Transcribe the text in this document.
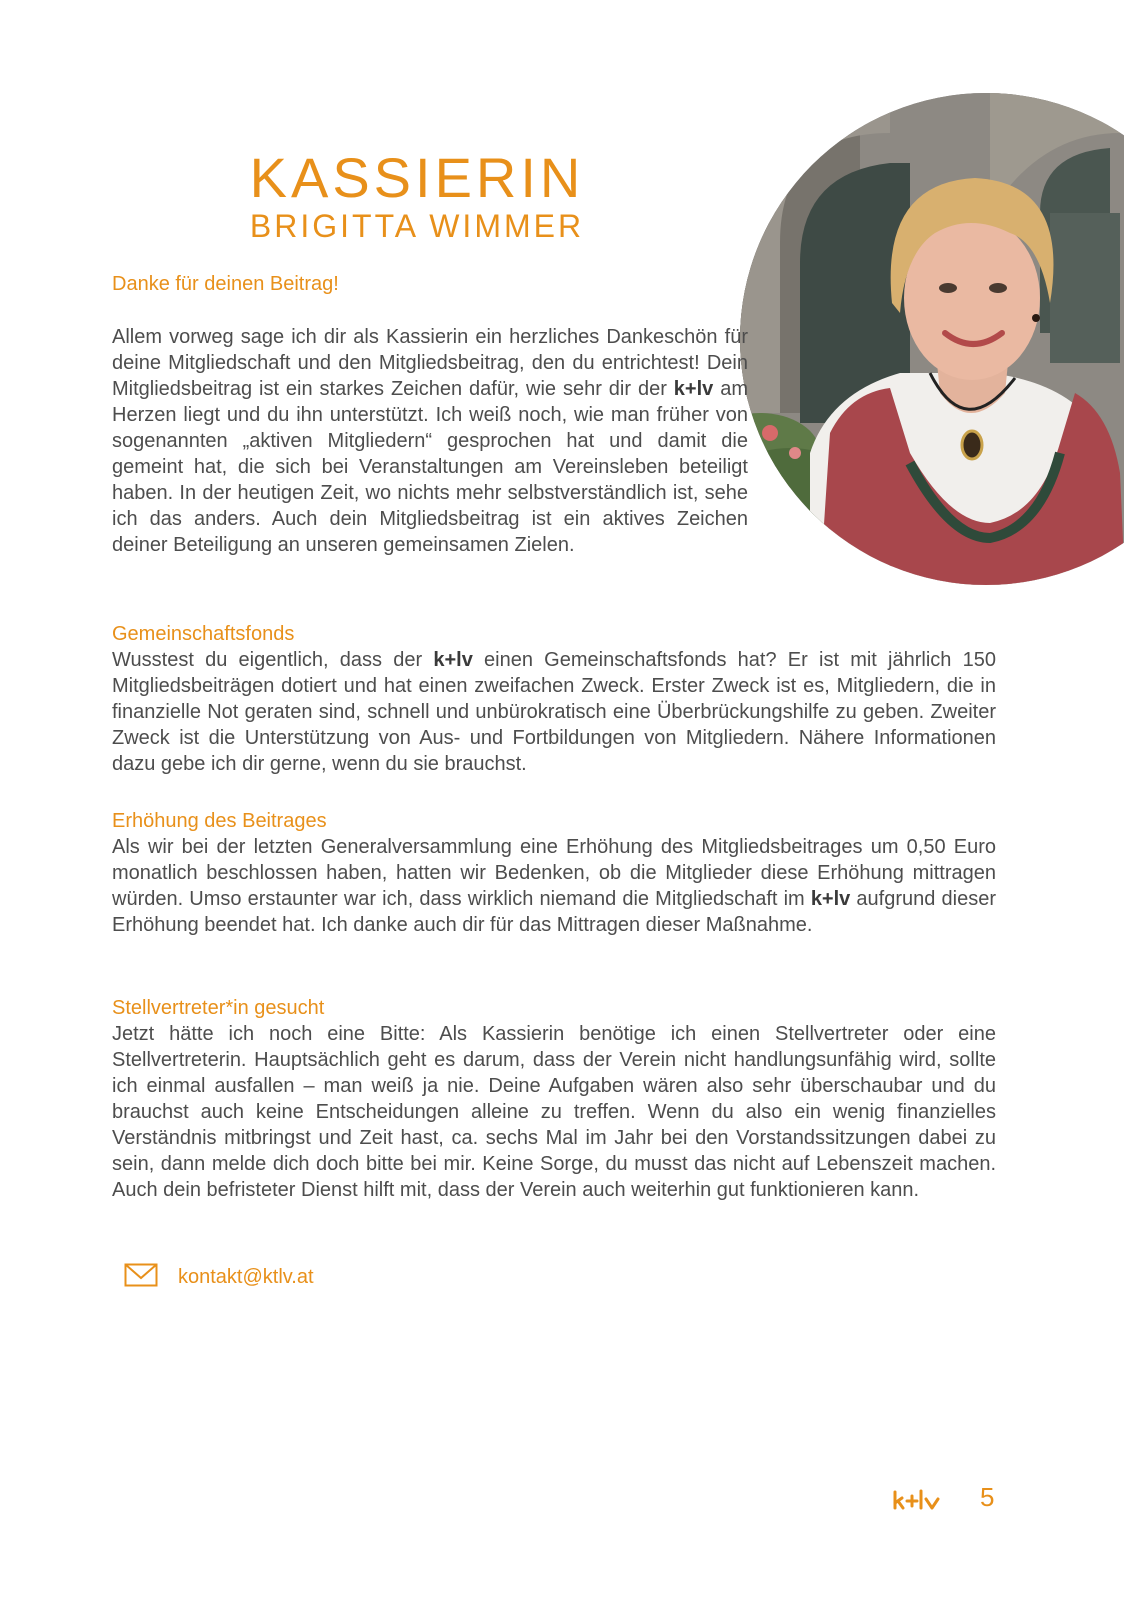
KASSIERIN
BRIGITTA WIMMER

Danke für deinen Beitrag!

Allem vorweg sage ich dir als Kassierin ein herzliches Dankeschön für deine Mitgliedschaft und den Mitgliedsbeitrag, den du entrichtest! Dein Mitgliedsbeitrag ist ein starkes Zeichen dafür, wie sehr dir der k+lv am Herzen liegt und du ihn unterstützt. Ich weiß noch, wie man früher von sogenannten „aktiven Mitgliedern“ gesprochen hat und damit die gemeint hat, die sich bei Veranstaltungen am Vereinsleben beteiligt haben. In der heutigen Zeit, wo nichts mehr selbstverständlich ist, sehe ich das anders. Auch dein Mitgliedsbeitrag ist ein aktives Zeichen deiner Beteiligung an unseren gemeinsamen Zielen.

Gemeinschaftsfonds

Wusstest du eigentlich, dass der k+lv einen Gemeinschaftsfonds hat? Er ist mit jährlich 150 Mitgliedsbeiträgen dotiert und hat einen zweifachen Zweck. Erster Zweck ist es, Mitgliedern, die in finanzielle Not geraten sind, schnell und unbürokratisch eine Überbrückungshilfe zu geben. Zweiter Zweck ist die Unterstützung von Aus- und Fortbildungen von Mitgliedern. Nähere Informationen dazu gebe ich dir gerne, wenn du sie brauchst.

Erhöhung des Beitrages

Als wir bei der letzten Generalversammlung eine Erhöhung des Mitgliedsbeitrages um 0,50 Euro monatlich beschlossen haben, hatten wir Bedenken, ob die Mitglieder diese Erhöhung mittragen würden. Umso erstaunter war ich, dass wirklich niemand die Mitgliedschaft im k+lv aufgrund dieser Erhöhung beendet hat. Ich danke auch dir für das Mittragen dieser Maßnahme.

Stellvertreter*in gesucht

Jetzt hätte ich noch eine Bitte: Als Kassierin benötige ich einen Stellvertreter oder eine Stellvertreterin. Hauptsächlich geht es darum, dass der Verein nicht handlungsunfähig wird, sollte ich einmal ausfallen – man weiß ja nie. Deine Aufgaben wären also sehr überschaubar und du brauchst auch keine Entscheidungen alleine zu treffen. Wenn du also ein wenig finanzielles Verständnis mitbringst und Zeit hast, ca. sechs Mal im Jahr bei den Vorstandssitzungen dabei zu sein, dann melde dich doch bitte bei mir. Keine Sorge, du musst das nicht auf Lebenszeit machen. Auch dein befristeter Dienst hilft mit, dass der Verein auch weiterhin gut funktionieren kann.

kontakt@ktlv.at
5
